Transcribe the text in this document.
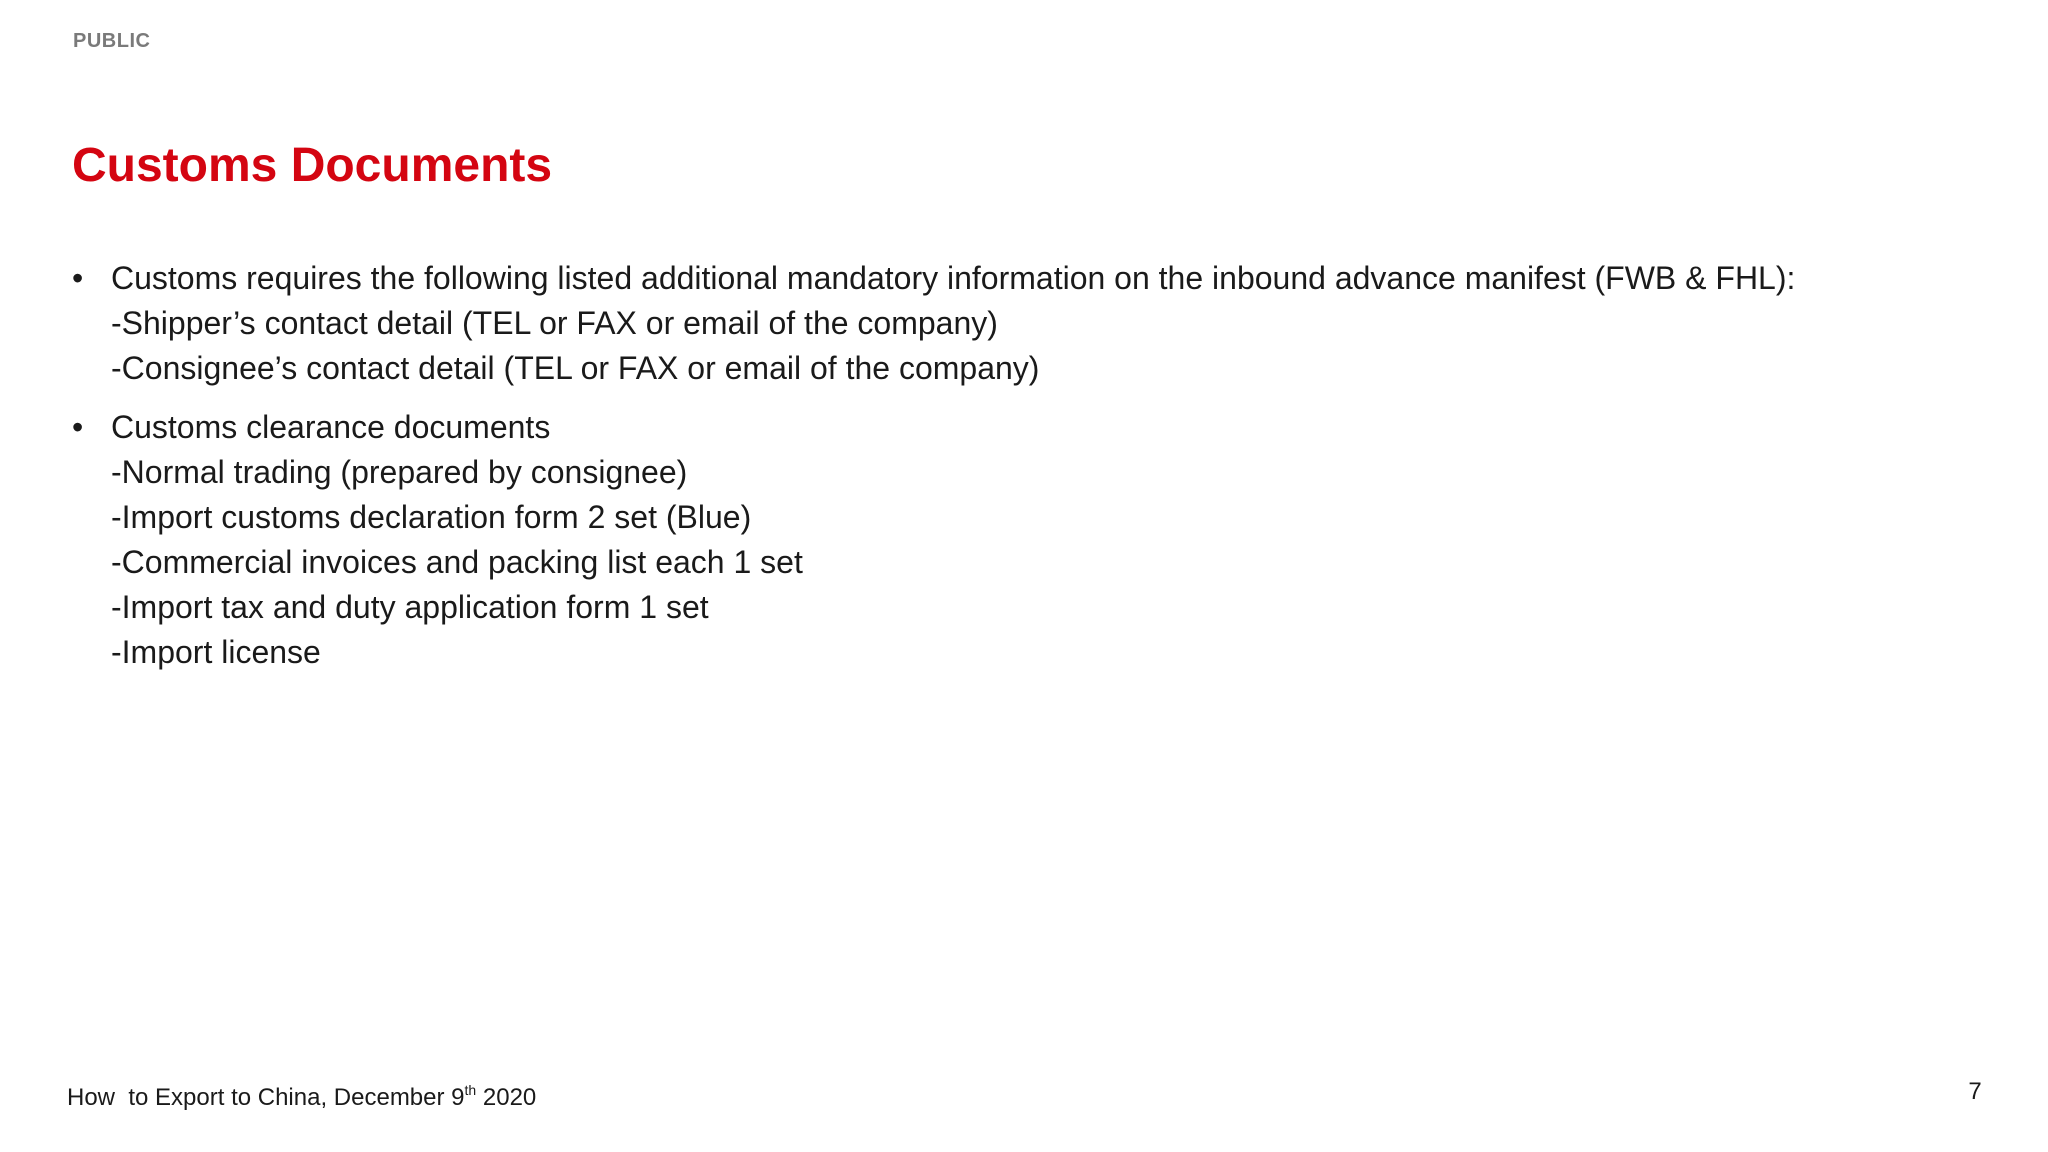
PUBLIC
Customs Documents
• Customs requires the following listed additional mandatory information on the inbound advance manifest (FWB & FHL):
-Shipper’s contact detail (TEL or FAX or email of the company)
-Consignee’s contact detail (TEL or FAX or email of the company)
• Customs clearance documents
-Normal trading (prepared by consignee)
-Import customs declaration form 2 set (Blue)
-Commercial invoices and packing list each 1 set
-Import tax and duty application form 1 set
-Import license
How  to Export to China, December 9th 2020	7
